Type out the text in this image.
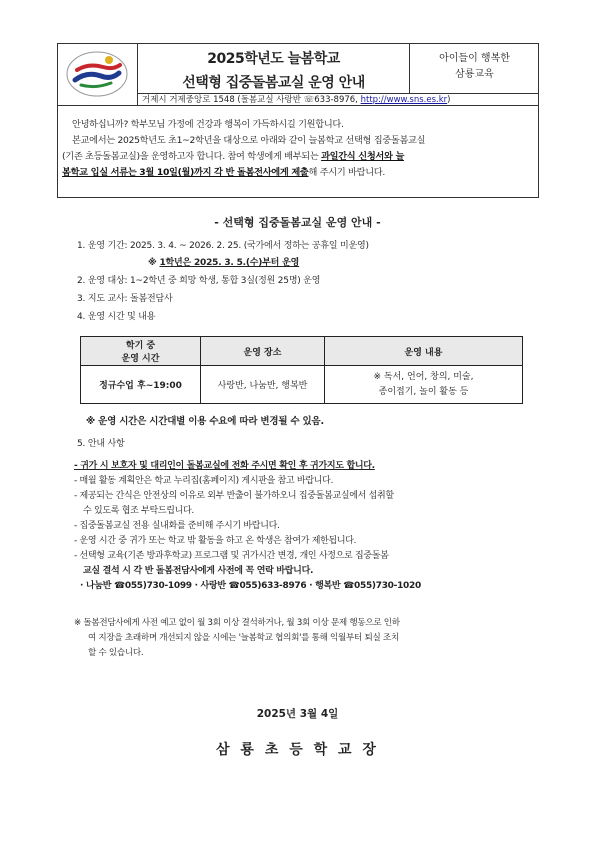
2025학년도 늘봄학교
선택형 집중돌봄교실 운영 안내
아이들이 행복한
삼룡교육
거제시 거제중앙로 1548 (돌봄교실 사랑반 ☏633-8976, http://www.sns.es.kr)

안녕하십니까? 학부모님 가정에 건강과 행복이 가득하시길 기원합니다.

본교에서는 2025학년도 초1~2학년을 대상으로 아래와 같이 늘봄학교 선택형 집중돌봄교실

(기존 초등돌봄교실)을 운영하고자 합니다. 참여 학생에게 배부되는 과일간식 신청서와 늘

봄학교 입실 서류는 3월 10일(월)까지 각 반 돌봄전사에게 제출해 주시기 바랍니다.

- 선택형 집중돌봄교실 운영 안내 -
1. 운영 기간: 2025. 3. 4. ~ 2026. 2. 25. (국가에서 정하는 공휴일 미운영)
※ 1학년은 2025. 3. 5.(수)부터 운영
2. 운영 대상: 1~2학년 중 희망 학생, 통합 3실(정원 25명) 운영
3. 지도 교사: 돌봄전담사
4. 운영 시간 및 내용
학기 중
운영 시간	운영 장소	운영 내용
정규수업 후~19:00	사랑반, 나눔반, 행복반	※ 독서, 언어, 창의, 미술,
종이접기, 놀이 활동 등
※ 운영 시간은 시간대별 이용 수요에 따라 변경될 수 있음.
5. 안내 사항
- 귀가 시 보호자 및 대리인이 돌봄교실에 전화 주시면 확인 후 귀가지도 합니다.
- 매월 활동 계획안은 학교 누리집(홈페이지) 게시판을 참고 바랍니다.
- 제공되는 간식은 안전상의 이유로 외부 반출이 불가하오니 집중돌봄교실에서 섭취할
수 있도록 협조 부탁드립니다.
- 집중돌봄교실 전용 실내화를 준비해 주시기 바랍니다.
- 운영 시간 중 귀가 또는 학교 밖 활동을 하고 온 학생은 참여가 제한됩니다.
- 선택형 교육(기존 방과후학교) 프로그램 및 귀가시간 변경, 개인 사정으로 집중돌봄
교실 결석 시 각 반 돌봄전담사에게 사전에 꼭 연락 바랍니다.
· 나눔반 ☎055)730-1099 · 사랑반 ☎055)633-8976 · 행복반 ☎055)730-1020
※ 돌봄전담사에게 사전 예고 없이 월 3회 이상 결석하거나, 월 3회 이상 문제 행동으로 인하
여 지장을 초래하며 개선되지 않을 시에는 '늘봄학교 협의회'를 통해 익월부터 퇴실 조치
할 수 있습니다.
2025년 3월 4일
삼 룡 초 등 학 교 장
